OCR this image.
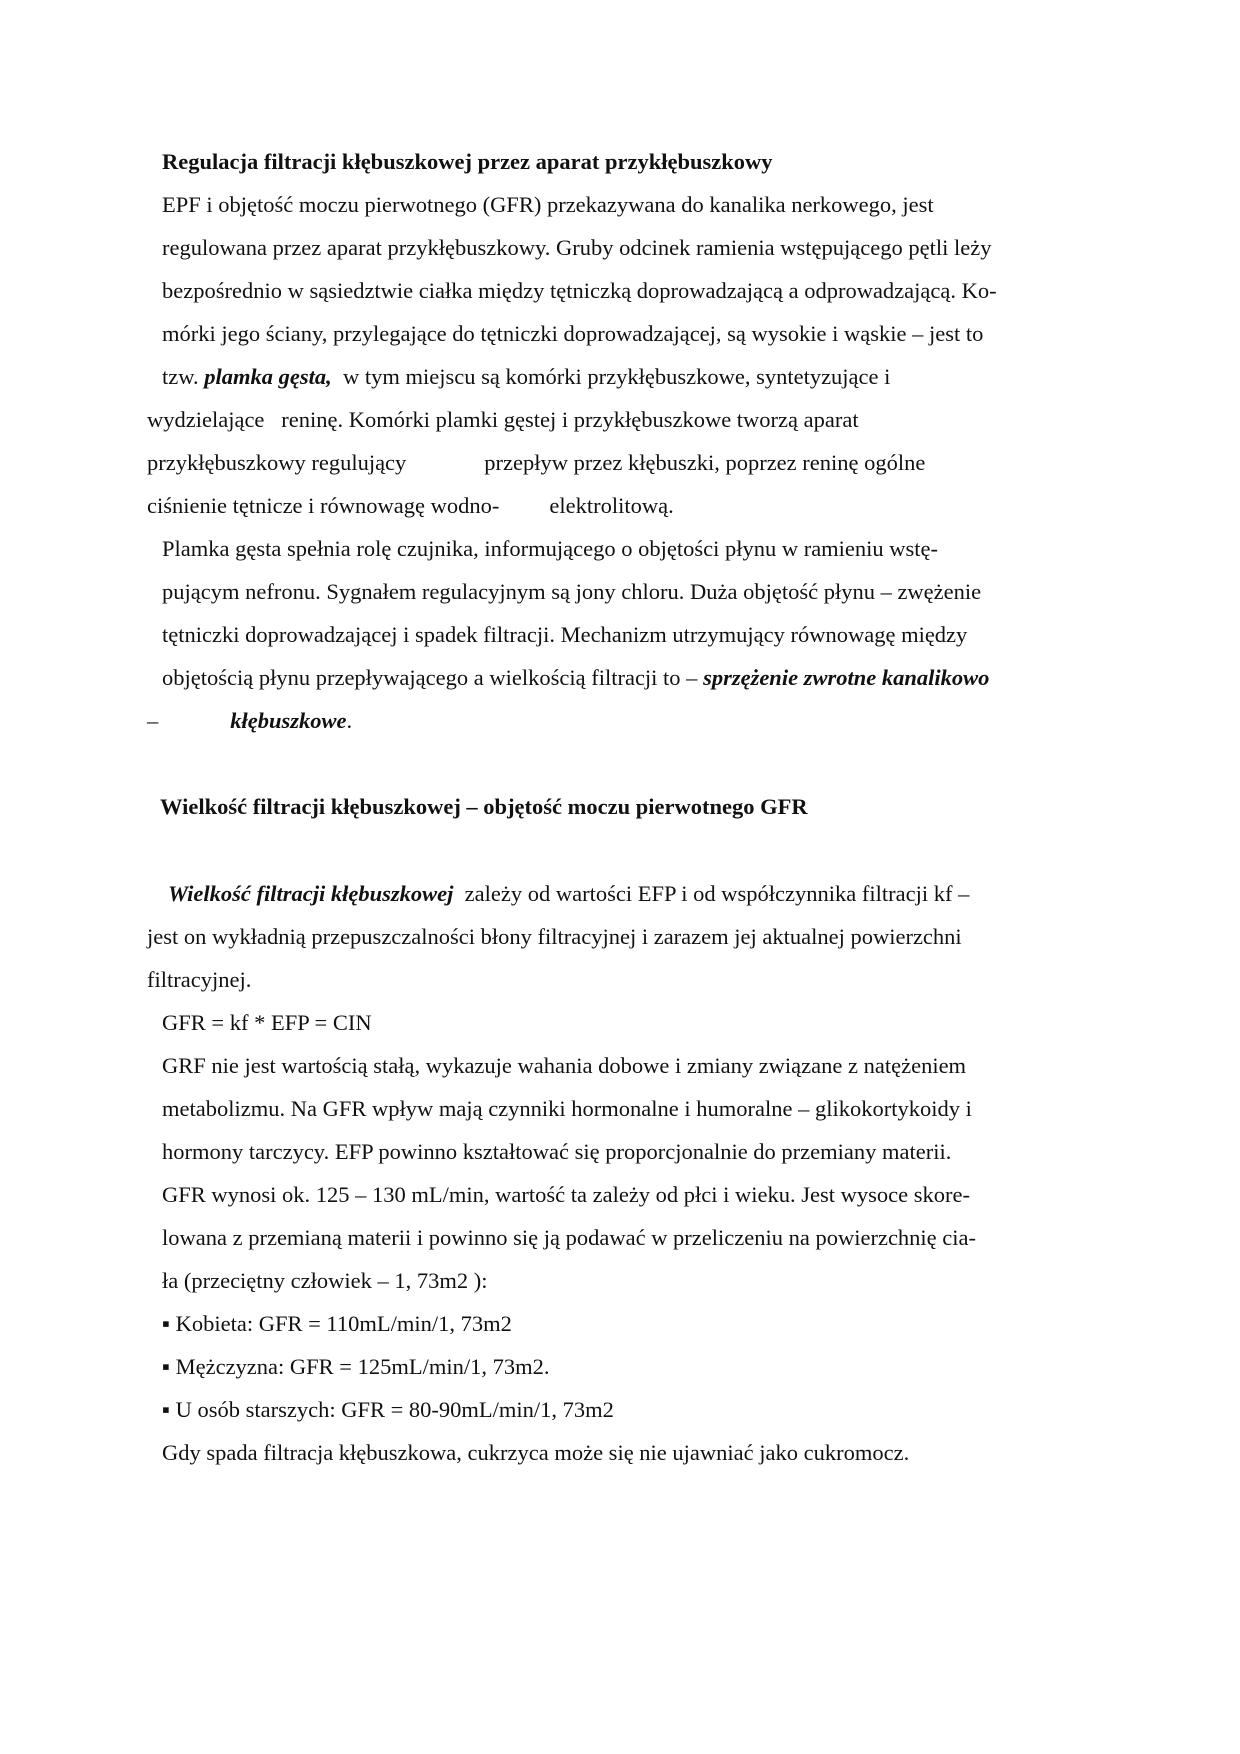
Regulacja filtracji kłębuszkowej przez aparat przykłębuszkowy

EPF i objętość moczu pierwotnego (GFR) przekazywana do kanalika nerkowego, jest

regulowana przez aparat przykłębuszkowy. Gruby odcinek ramienia wstępującego pętli leży

bezpośrednio w sąsiedztwie ciałka między tętniczką doprowadzającą a odprowadzającą. Ko-

mórki jego ściany, przylegające do tętniczki doprowadzającej, są wysokie i wąskie – jest to

tzw. plamka gęsta, w tym miejscu są komórki przykłębuszkowe, syntetyzujące i

wydzielające reninę. Komórki plamki gęstej i przykłębuszkowe tworzą aparat

przykłębuszkowy regulujący	przepływ przez kłębuszki, poprzez reninę ogólne

ciśnienie tętnicze i równowagę wodno- elektrolitową.

Plamka gęsta spełnia rolę czujnika, informującego o objętości płynu w ramieniu wstę-

pującym nefronu. Sygnałem regulacyjnym są jony chloru. Duża objętość płynu – zwężenie

tętniczki doprowadzającej i spadek filtracji. Mechanizm utrzymujący równowagę między

objętością płynu przepływającego a wielkością filtracji to – sprzężenie zwrotne kanalikowo

–	kłębuszkowe.

Wielkość filtracji kłębuszkowej – objętość moczu pierwotnego GFR

Wielkość filtracji kłębuszkowej zależy od wartości EFP i od współczynnika filtracji kf –

jest on wykładnią przepuszczalności błony filtracyjnej i zarazem jej aktualnej powierzchni

filtracyjnej.

GFR = kf * EFP = CIN

GRF nie jest wartością stałą, wykazuje wahania dobowe i zmiany związane z natężeniem

metabolizmu. Na GFR wpływ mają czynniki hormonalne i humoralne – glikokortykoidy i

hormony tarczycy. EFP powinno kształtować się proporcjonalnie do przemiany materii.

GFR wynosi ok. 125 – 130 mL/min, wartość ta zależy od płci i wieku. Jest wysoce skore-

lowana z przemianą materii i powinno się ją podawać w przeliczeniu na powierzchnię cia-

ła (przeciętny człowiek – 1, 73m2 ):

▪ Kobieta: GFR = 110mL/min/1, 73m2

▪ Mężczyzna: GFR = 125mL/min/1, 73m2.

▪ U osób starszych: GFR = 80-90mL/min/1, 73m2

Gdy spada filtracja kłębuszkowa, cukrzyca może się nie ujawniać jako cukromocz.
